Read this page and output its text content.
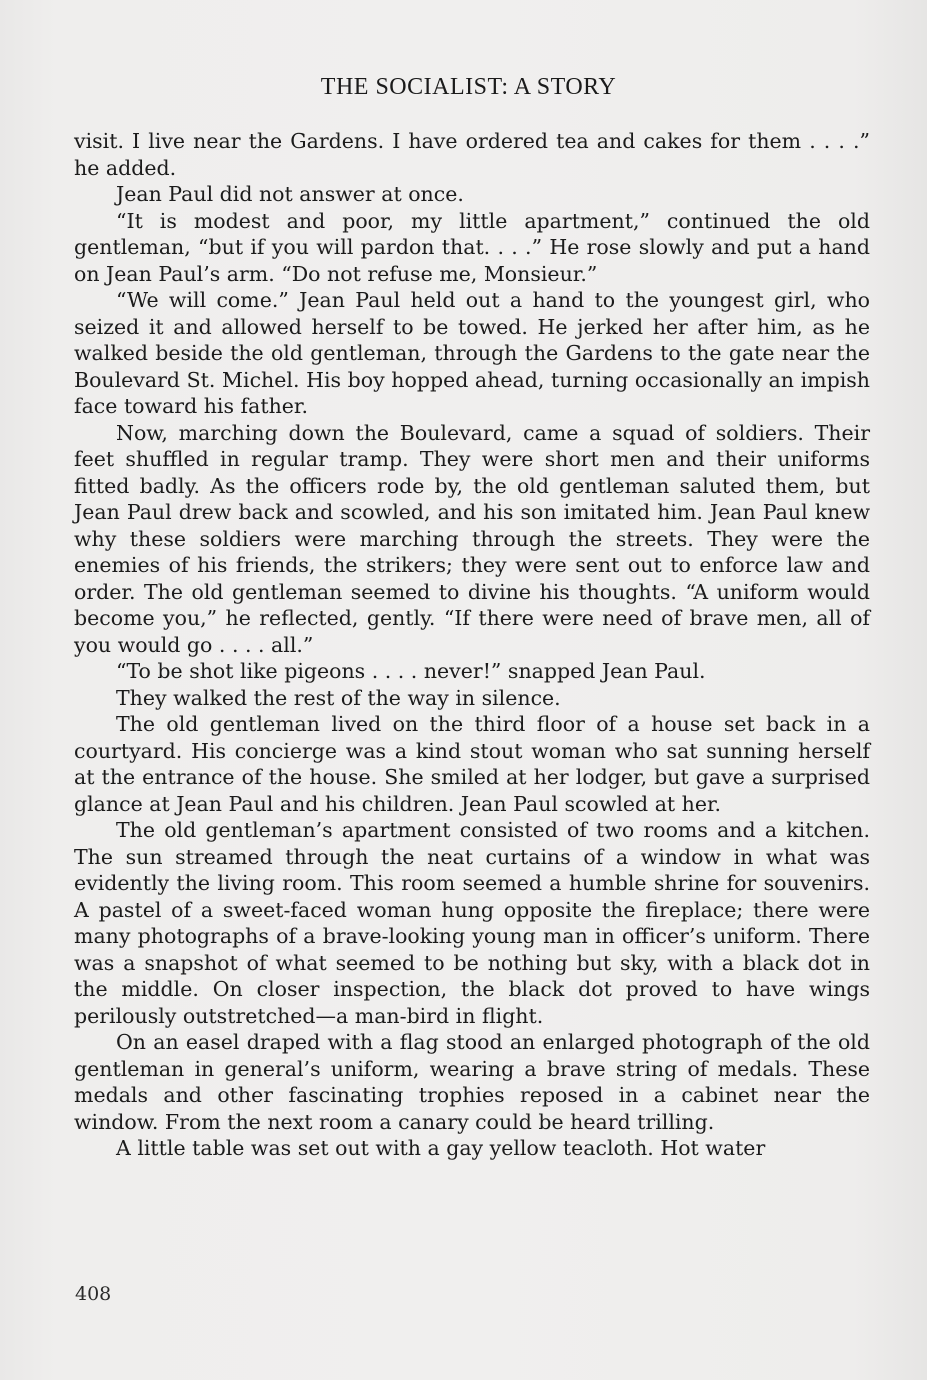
THE SOCIALIST: A STORY

visit. I live near the Gardens. I have ordered tea and cakes for them . . . .” he added.

Jean Paul did not answer at once.

“It is modest and poor, my little apartment,” continued the old gentleman, “but if you will pardon that. . . .” He rose slowly and put a hand on Jean Paul’s arm. “Do not refuse me, Monsieur.”

“We will come.” Jean Paul held out a hand to the youngest girl, who seized it and allowed herself to be towed. He jerked her after him, as he walked beside the old gentleman, through the Gardens to the gate near the Boulevard St. Michel. His boy hopped ahead, turning occasionally an impish face toward his father.

Now, marching down the Boulevard, came a squad of soldiers. Their feet shuffled in regular tramp. They were short men and their uniforms fitted badly. As the officers rode by, the old gentleman saluted them, but Jean Paul drew back and scowled, and his son imitated him. Jean Paul knew why these soldiers were marching through the streets. They were the enemies of his friends, the strikers; they were sent out to enforce law and order. The old gentleman seemed to divine his thoughts. “A uniform would become you,” he reflected, gently. “If there were need of brave men, all of you would go . . . . all.”

“To be shot like pigeons . . . . never!” snapped Jean Paul.

They walked the rest of the way in silence.

The old gentleman lived on the third floor of a house set back in a courtyard. His concierge was a kind stout woman who sat sunning herself at the entrance of the house. She smiled at her lodger, but gave a surprised glance at Jean Paul and his children. Jean Paul scowled at her.

The old gentleman’s apartment consisted of two rooms and a kitchen. The sun streamed through the neat curtains of a window in what was evidently the living room. This room seemed a humble shrine for souvenirs. A pastel of a sweet-faced woman hung opposite the fireplace; there were many photographs of a brave-looking young man in officer’s uniform. There was a snapshot of what seemed to be nothing but sky, with a black dot in the middle. On closer inspection, the black dot proved to have wings perilously outstretched—a man-bird in flight.

On an easel draped with a flag stood an enlarged photograph of the old gentleman in general’s uniform, wearing a brave string of medals. These medals and other fascinating trophies reposed in a cabinet near the window. From the next room a canary could be heard trilling.

A little table was set out with a gay yellow teacloth. Hot water

408
